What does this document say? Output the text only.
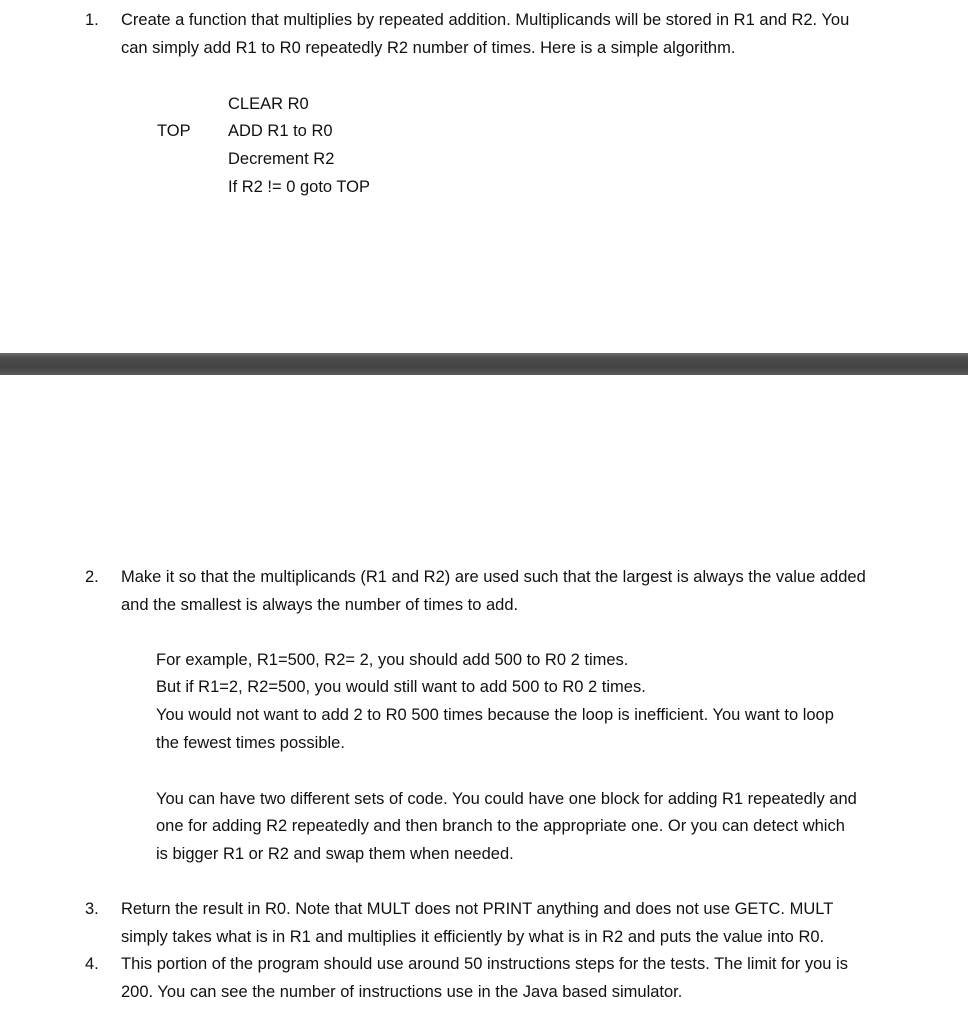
1. Create a function that multiplies by repeated addition. Multiplicands will be stored in R1 and R2. You
can simply add R1 to R0 repeatedly R2 number of times. Here is a simple algorithm.
CLEAR R0
TOP ADD R1 to R0
Decrement R2
If R2 != 0 goto TOP
2. Make it so that the multiplicands (R1 and R2) are used such that the largest is always the value added
and the smallest is always the number of times to add.
For example, R1=500, R2= 2, you should add 500 to R0 2 times.
But if R1=2, R2=500, you would still want to add 500 to R0 2 times.
You would not want to add 2 to R0 500 times because the loop is inefficient. You want to loop
the fewest times possible.
You can have two different sets of code. You could have one block for adding R1 repeatedly and
one for adding R2 repeatedly and then branch to the appropriate one. Or you can detect which
is bigger R1 or R2 and swap them when needed.
3. Return the result in R0. Note that MULT does not PRINT anything and does not use GETC. MULT
simply takes what is in R1 and multiplies it efficiently by what is in R2 and puts the value into R0.
4. This portion of the program should use around 50 instructions steps for the tests. The limit for you is
200. You can see the number of instructions use in the Java based simulator.
